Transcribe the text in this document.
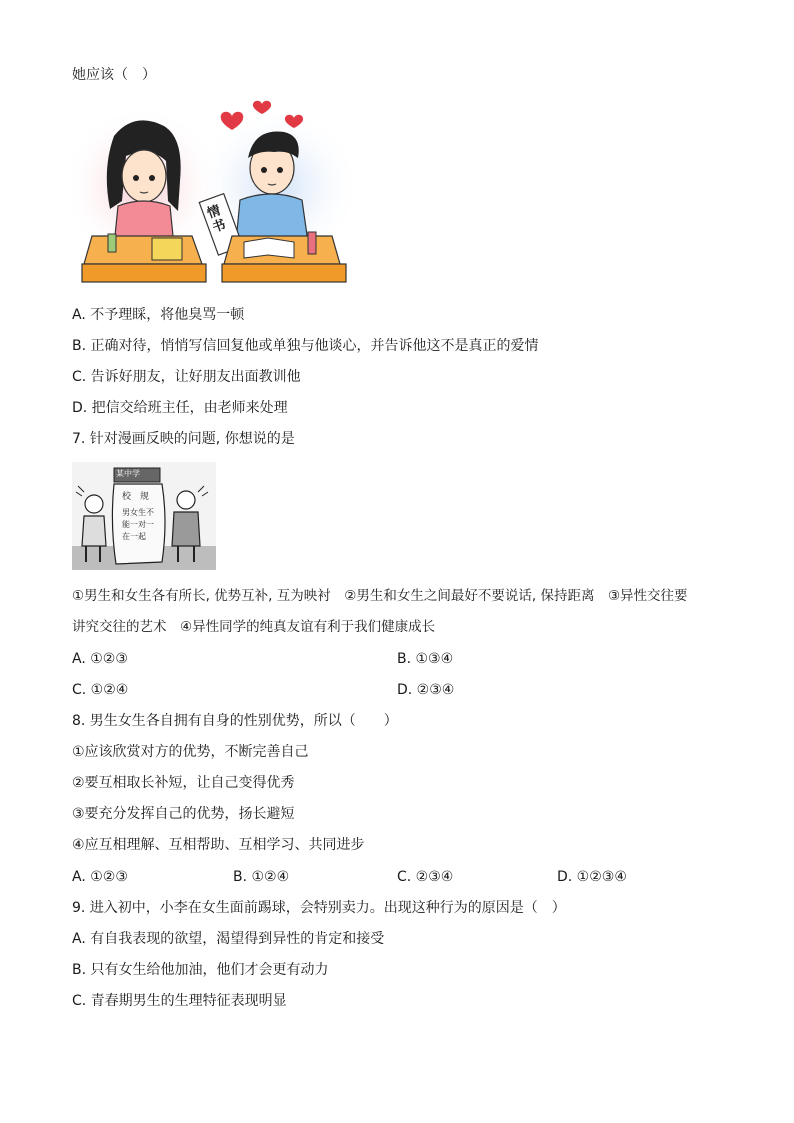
她应该（　）
情书
A. 不予理睬，将他臭骂一顿
B. 正确对待，悄悄写信回复他或单独与他谈心，并告诉他这不是真正的爱情
C. 告诉好朋友，让好朋友出面教训他
D. 把信交给班主任，由老师来处理
7. 针对漫画反映的问题, 你想说的是
某中学
校　规
男女生不
能一对一
在一起
①男生和女生各有所长, 优势互补, 互为映衬　②男生和女生之间最好不要说话, 保持距离　③异性交往要
讲究交往的艺术　④异性同学的纯真友谊有利于我们健康成长
A. ①②③	B. ①③④
C. ①②④	D. ②③④
8. 男生女生各自拥有自身的性别优势，所以（　　）
①应该欣赏对方的优势，不断完善自己
②要互相取长补短，让自己变得优秀
③要充分发挥自己的优势，扬长避短
④应互相理解、互相帮助、互相学习、共同进步
A. ①②③	B. ①②④	C. ②③④	D. ①②③④
9. 进入初中，小李在女生面前踢球，会特别卖力。出现这种行为的原因是（　）
A. 有自我表现的欲望，渴望得到异性的肯定和接受
B. 只有女生给他加油，他们才会更有动力
C. 青春期男生的生理特征表现明显
